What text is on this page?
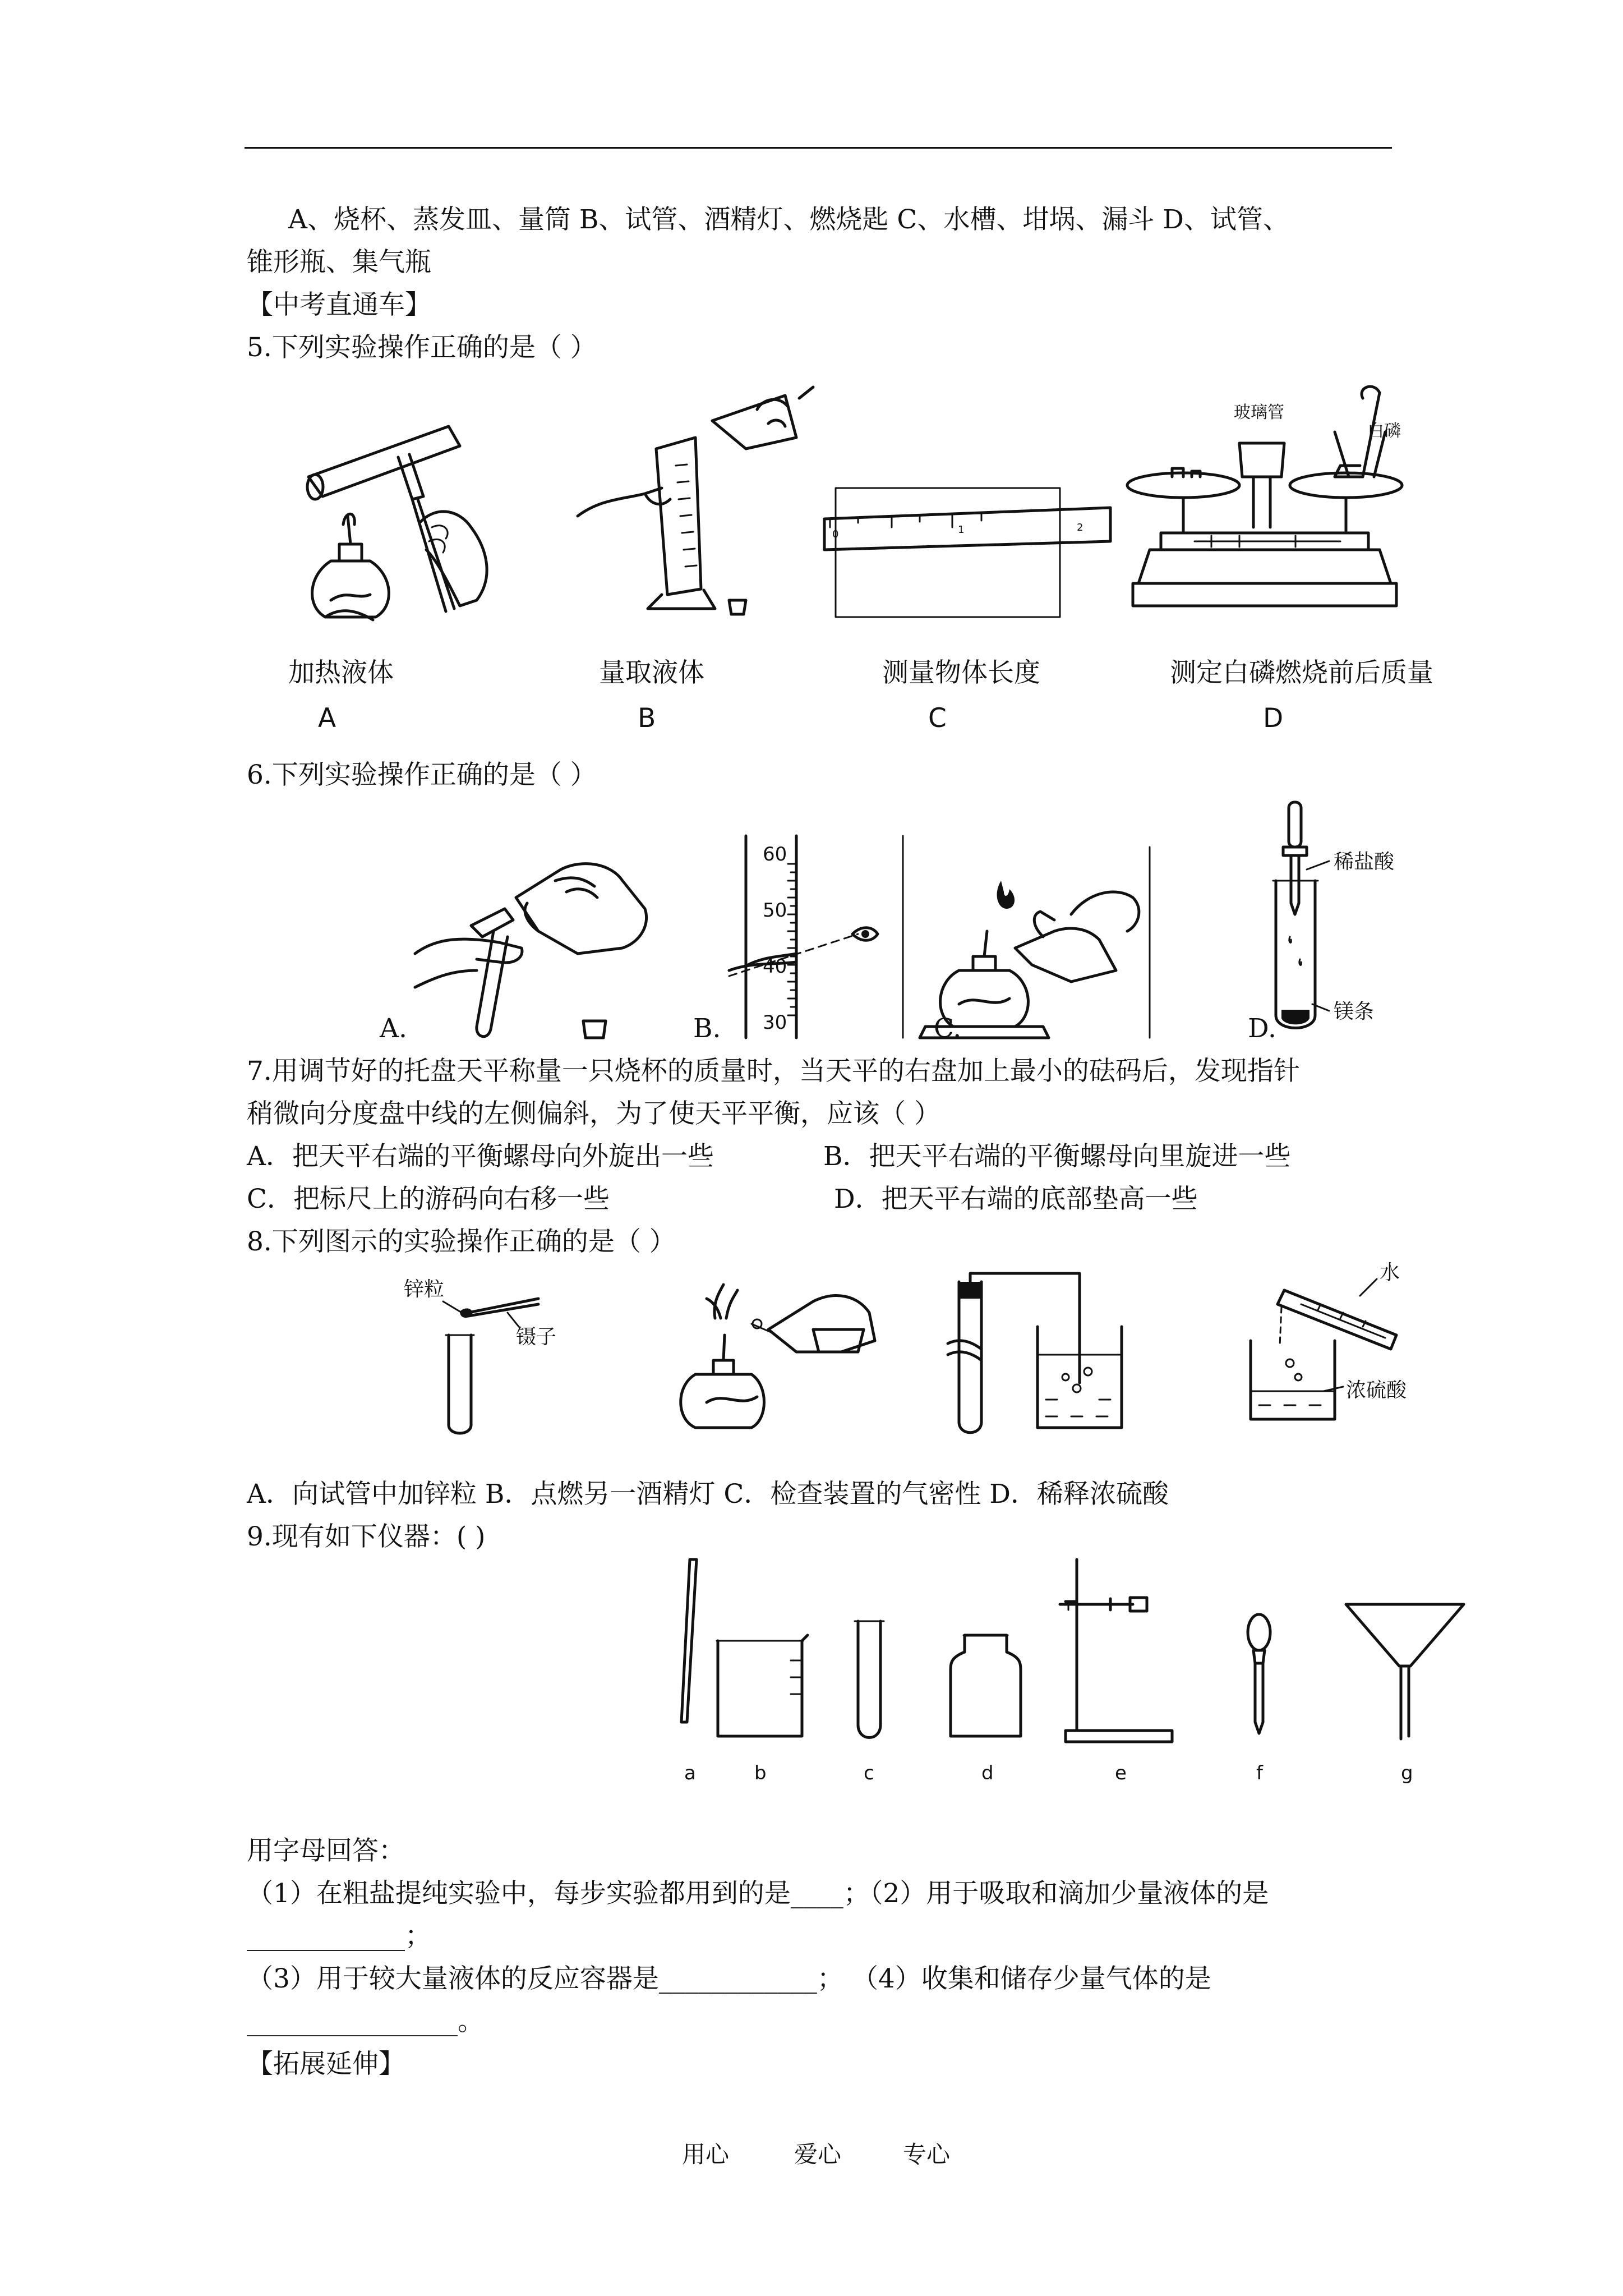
A、烧杯、蒸发皿、量筒 B、试管、酒精灯、燃烧匙 C、水槽、坩埚、漏斗 D、试管、
锥形瓶、集气瓶
【中考直通车】
5.下列实验操作正确的是（ ）
0	1	2
玻璃管
白磷
加热液体	量取液体	测量物体长度	测定白磷燃烧前后质量
A	B	C	D
6.下列实验操作正确的是（ ）
60
50
40
30
稀盐酸
镁条
A.	B.	C.	D.
7.用调节好的托盘天平称量一只烧杯的质量时，当天平的右盘加上最小的砝码后，发现指针
稍微向分度盘中线的左侧偏斜，为了使天平平衡，应该（ ）
A．把天平右端的平衡螺母向外旋出一些	B．把天平右端的平衡螺母向里旋进一些
C．把标尺上的游码向右移一些	D．把天平右端的底部垫高一些
8.下列图示的实验操作正确的是（ ）
锌粒
镊子
水
浓硫酸
A．向试管中加锌粒 B．点燃另一酒精灯 C．检查装置的气密性 D．稀释浓硫酸
9.现有如下仪器：( )
a	b	c	d	e	f	g
用字母回答：
（1）在粗盐提纯实验中，每步实验都用到的是____；（2）用于吸取和滴加少量液体的是
____________；
（3）用于较大量液体的反应容器是____________； （4）收集和储存少量气体的是
________________。
【拓展延伸】
用心	爱心	专心
